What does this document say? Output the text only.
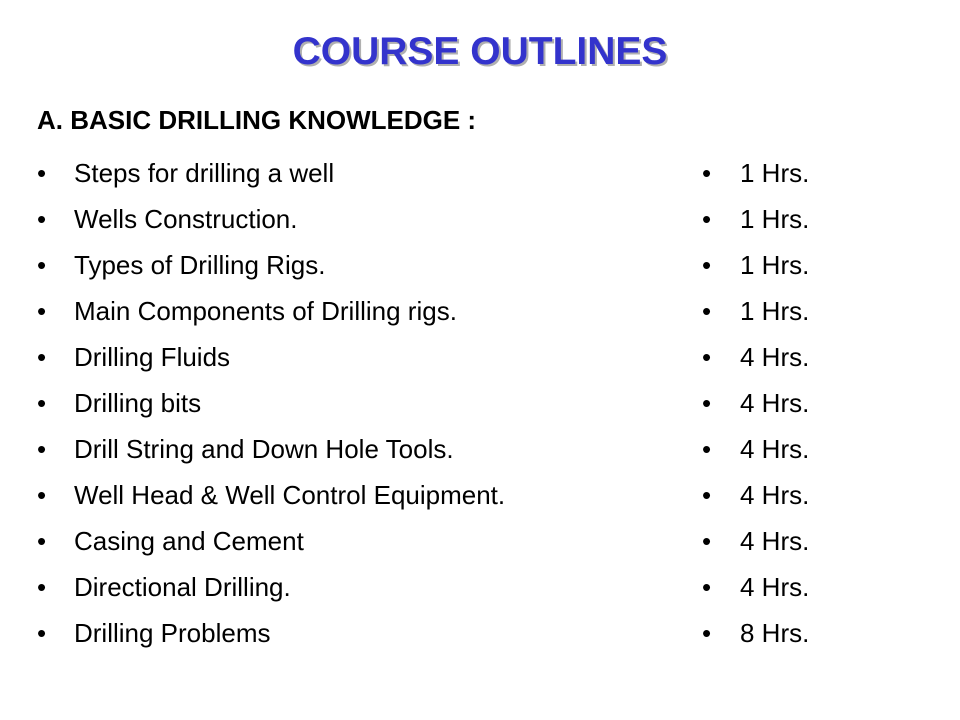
COURSE OUTLINES
A. BASIC DRILLING KNOWLEDGE :
• Steps for drilling a well	• 1 Hrs.
• Wells Construction.	• 1 Hrs.
• Types of Drilling Rigs.	• 1 Hrs.
• Main Components of Drilling rigs.	• 1 Hrs.
• Drilling Fluids	• 4 Hrs.
• Drilling bits	• 4 Hrs.
• Drill String and Down Hole Tools.	• 4 Hrs.
• Well Head & Well Control Equipment.	• 4 Hrs.
• Casing and Cement	• 4 Hrs.
• Directional Drilling.	• 4 Hrs.
• Drilling Problems	• 8 Hrs.
